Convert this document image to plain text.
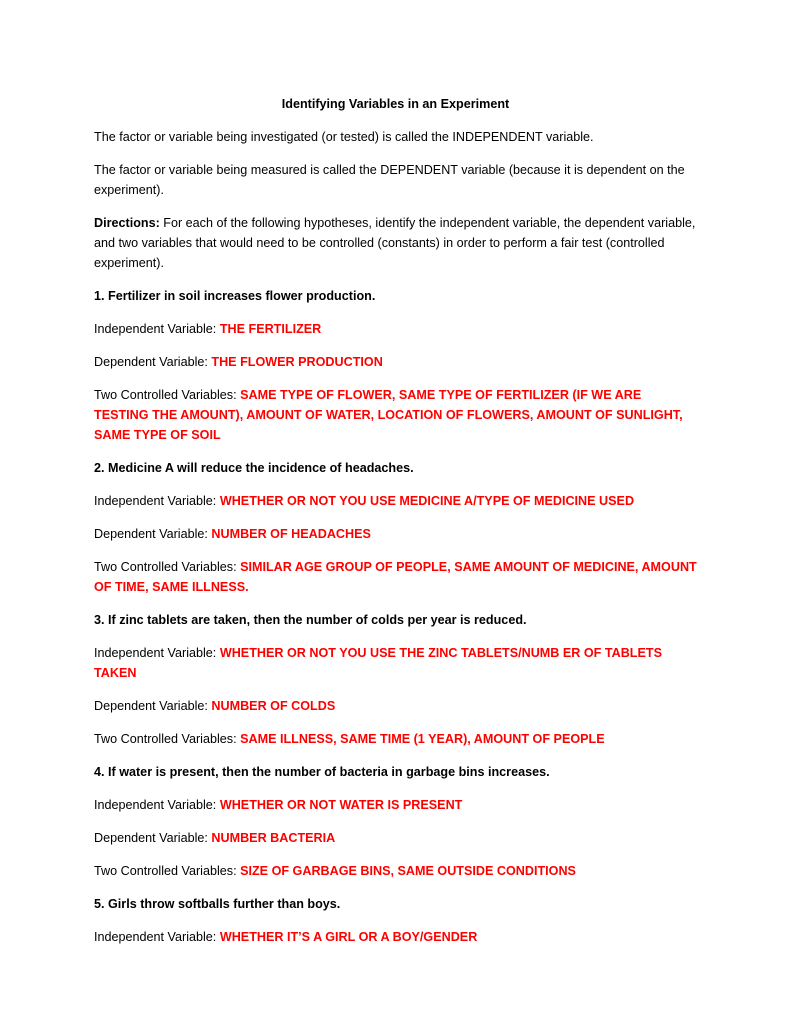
Identifying Variables in an Experiment

The factor or variable being investigated (or tested) is called the INDEPENDENT variable.

The factor or variable being measured is called the DEPENDENT variable (because it is dependent on the experiment).

Directions: For each of the following hypotheses, identify the independent variable, the dependent variable, and two variables that would need to be controlled (constants) in order to perform a fair test (controlled experiment).

1. Fertilizer in soil increases flower production.

Independent Variable: THE FERTILIZER

Dependent Variable: THE FLOWER PRODUCTION

Two Controlled Variables: SAME TYPE OF FLOWER, SAME TYPE OF FERTILIZER (IF WE ARE TESTING THE AMOUNT), AMOUNT OF WATER, LOCATION OF FLOWERS, AMOUNT OF SUNLIGHT, SAME TYPE OF SOIL

2. Medicine A will reduce the incidence of headaches.

Independent Variable: WHETHER OR NOT YOU USE MEDICINE A/TYPE OF MEDICINE USED

Dependent Variable: NUMBER OF HEADACHES

Two Controlled Variables: SIMILAR AGE GROUP OF PEOPLE, SAME AMOUNT OF MEDICINE, AMOUNT OF TIME, SAME ILLNESS.

3. If zinc tablets are taken, then the number of colds per year is reduced.

Independent Variable: WHETHER OR NOT YOU USE THE ZINC TABLETS/NUMB ER OF TABLETS TAKEN

Dependent Variable: NUMBER OF COLDS

Two Controlled Variables: SAME ILLNESS, SAME TIME (1 YEAR), AMOUNT OF PEOPLE

4. If water is present, then the number of bacteria in garbage bins increases.

Independent Variable: WHETHER OR NOT WATER IS PRESENT

Dependent Variable: NUMBER BACTERIA

Two Controlled Variables: SIZE OF GARBAGE BINS, SAME OUTSIDE CONDITIONS

5. Girls throw softballs further than boys.

Independent Variable: WHETHER IT’S A GIRL OR A BOY/GENDER
